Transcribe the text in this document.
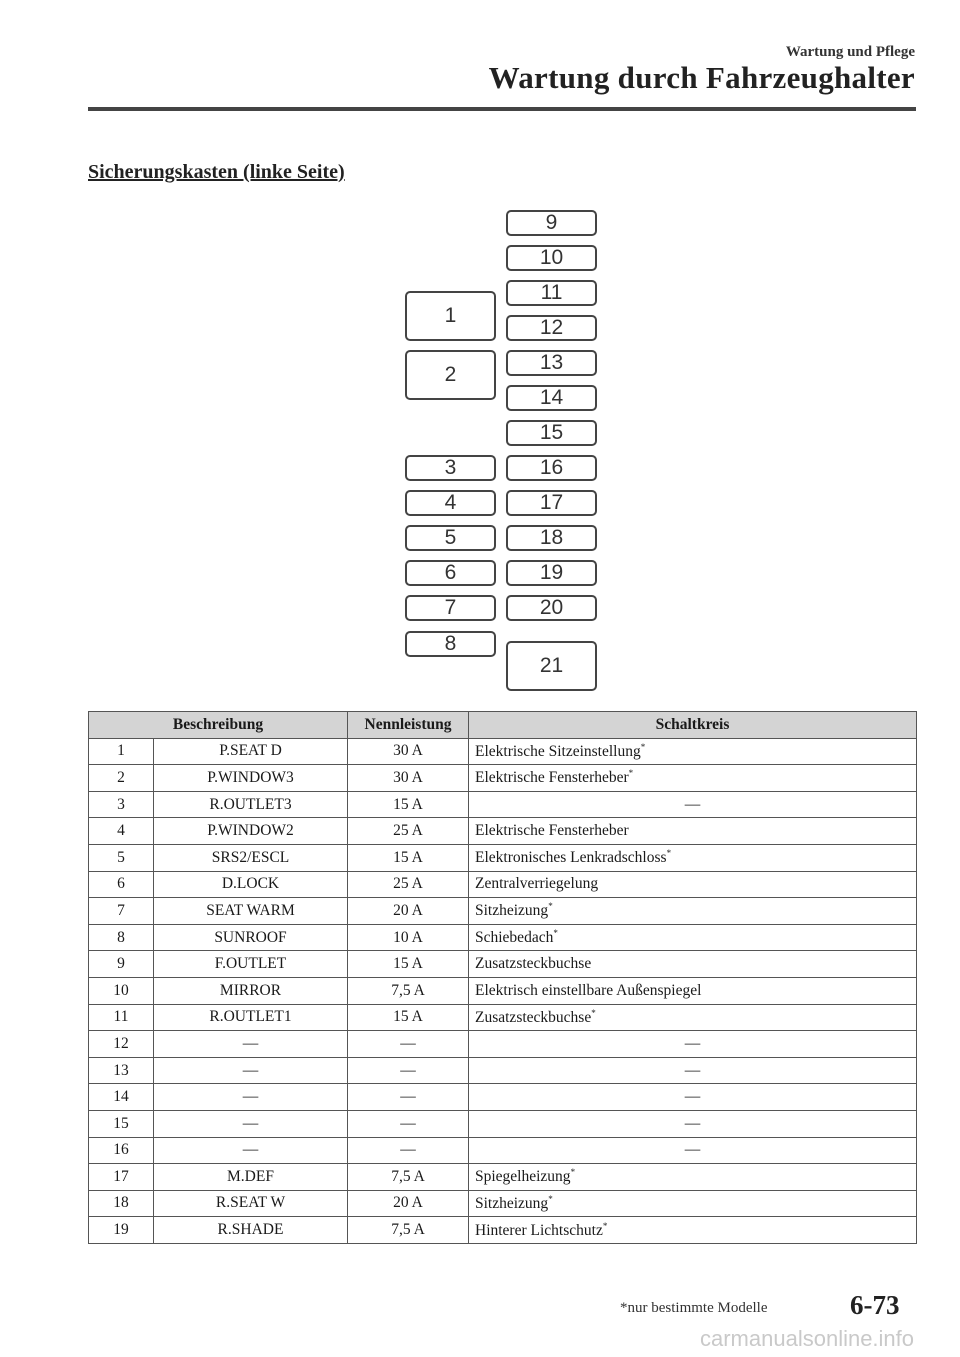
Wartung und Pflege
Wartung durch Fahrzeughalter
Sicherungskasten (linke Seite)
1
2
3
4
5
6
7
8
9
10
11
12
13
14
15
16
17
18
19
20
21
Beschreibung		Nennleistung	Schaltkreis
1	P.SEAT D	30 A	Elektrische Sitzeinstellung*
2	P.WINDOW3	30 A	Elektrische Fensterheber*
3	R.OUTLET3	15 A	—
4	P.WINDOW2	25 A	Elektrische Fensterheber
5	SRS2/ESCL	15 A	Elektronisches Lenkradschloss*
6	D.LOCK	25 A	Zentralverriegelung
7	SEAT WARM	20 A	Sitzheizung*
8	SUNROOF	10 A	Schiebedach*
9	F.OUTLET	15 A	Zusatzsteckbuchse
10	MIRROR	7,5 A	Elektrisch einstellbare Außenspiegel
11	R.OUTLET1	15 A	Zusatzsteckbuchse*
12	—	—	—
13	—	—	—
14	—	—	—
15	—	—	—
16	—	—	—
17	M.DEF	7,5 A	Spiegelheizung*
18	R.SEAT W	20 A	Sitzheizung*
19	R.SHADE	7,5 A	Hinterer Lichtschutz*
*nur bestimmte Modelle	6-73
carmanualsonline.info
